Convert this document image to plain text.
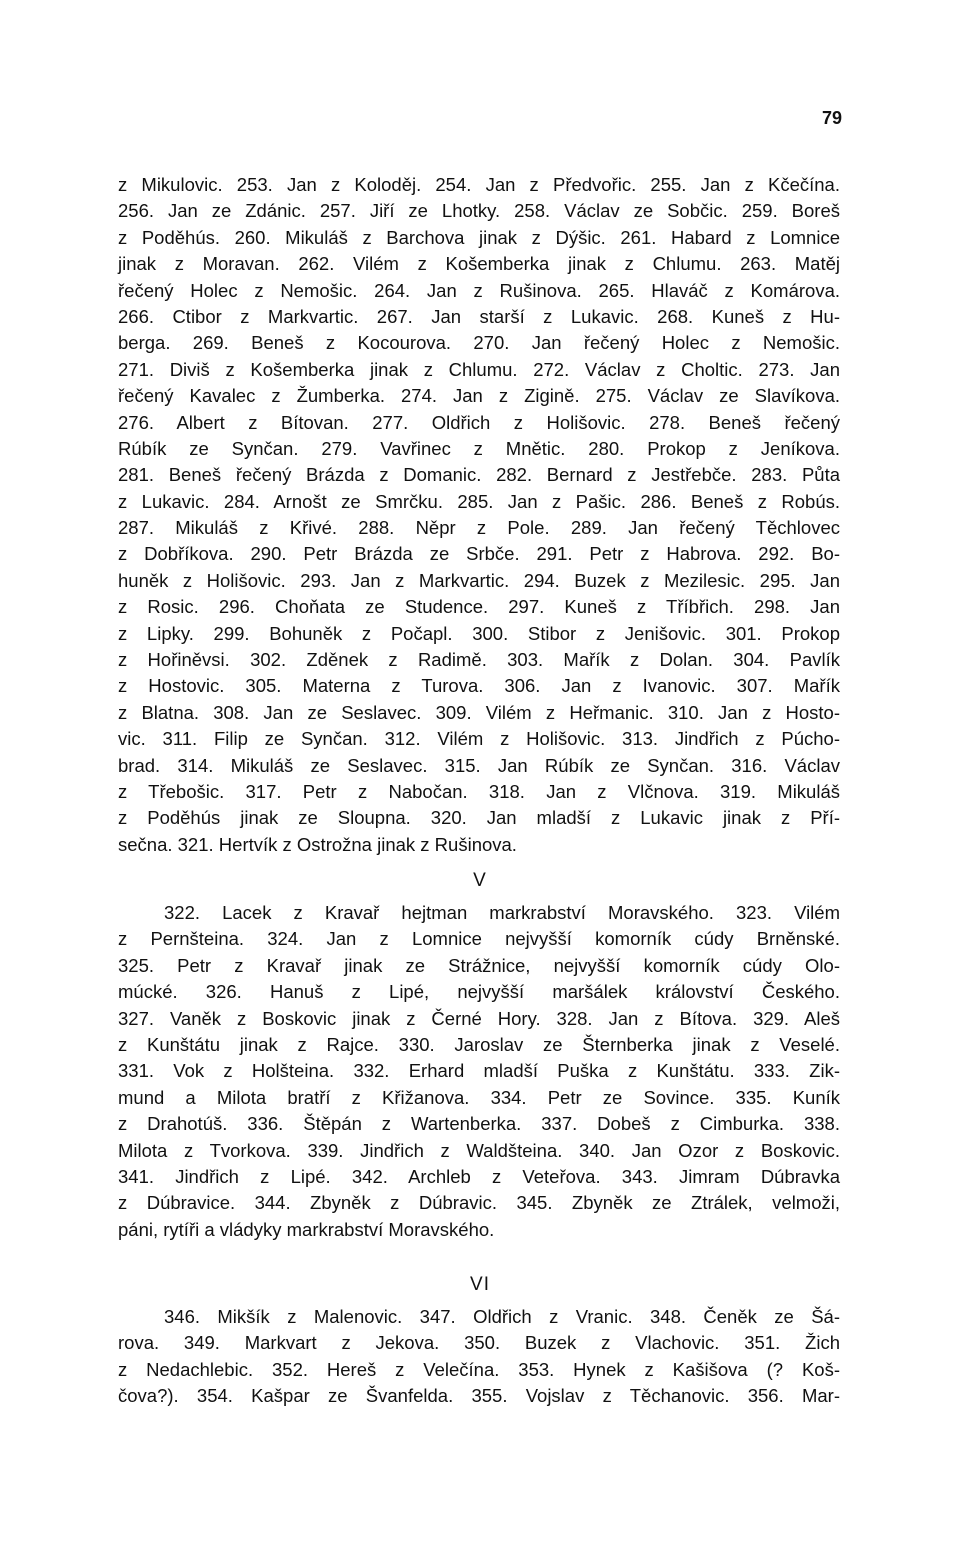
79
z Mikulovic. 253. Jan z Koloděj. 254. Jan z Předvořic. 255. Jan z Kčečína.
256. Jan ze Zdánic. 257. Jiří ze Lhotky. 258. Václav ze Sobčic. 259. Boreš
z Poděhús. 260. Mikuláš z Barchova jinak z Dýšic. 261. Habard z Lomnice
jinak z Moravan. 262. Vilém z Košemberka jinak z Chlumu. 263. Matěj
řečený Holec z Nemošic. 264. Jan z Rušinova. 265. Hlaváč z Komárova.
266. Ctibor z Markvartic. 267. Jan starší z Lukavic. 268. Kuneš z Hu-
berga. 269. Beneš z Kocourova. 270. Jan řečený Holec z Nemošic.
271. Diviš z Košemberka jinak z Chlumu. 272. Václav z Choltic. 273. Jan
řečený Kavalec z Žumberka. 274. Jan z Zigině. 275. Václav ze Slavíkova.
276. Albert z Bítovan. 277. Oldřich z Holišovic. 278. Beneš řečený
Rúbík ze Synčan. 279. Vavřinec z Mnětic. 280. Prokop z Jeníkova.
281. Beneš řečený Brázda z Domanic. 282. Bernard z Jestřebče. 283. Půta
z Lukavic. 284. Arnošt ze Smrčku. 285. Jan z Pašic. 286. Beneš z Robús.
287. Mikuláš z Křivé. 288. Něpr z Pole. 289. Jan řečený Těchlovec
z Dobříkova. 290. Petr Brázda ze Srbče. 291. Petr z Habrova. 292. Bo-
huněk z Holišovic. 293. Jan z Markvartic. 294. Buzek z Mezilesic. 295. Jan
z Rosic. 296. Choňata ze Studence. 297. Kuneš z Tříbřich. 298. Jan
z Lipky. 299. Bohuněk z Počapl. 300. Stibor z Jenišovic. 301. Prokop
z Hořiněvsi. 302. Zděnek z Radimě. 303. Mařík z Dolan. 304. Pavlík
z Hostovic. 305. Materna z Turova. 306. Jan z Ivanovic. 307. Mařík
z Blatna. 308. Jan ze Seslavec. 309. Vilém z Heřmanic. 310. Jan z Hosto-
vic. 311. Filip ze Synčan. 312. Vilém z Holišovic. 313. Jindřich z Púcho-
brad. 314. Mikuláš ze Seslavec. 315. Jan Rúbík ze Synčan. 316. Václav
z Třebošic. 317. Petr z Nabočan. 318. Jan z Vlčnova. 319. Mikuláš
z Poděhús jinak ze Sloupna. 320. Jan mladší z Lukavic jinak z Pří-
sečna. 321. Hertvík z Ostrožna jinak z Rušinova.
V
322. Lacek z Kravař hejtman markrabství Moravského. 323. Vilém
z Pernšteina. 324. Jan z Lomnice nejvyšší komorník cúdy Brněnské.
325. Petr z Kravař jinak ze Strážnice, nejvyšší komorník cúdy Olo-
múcké. 326. Hanuš z Lipé, nejvyšší maršálek království Českého.
327. Vaněk z Boskovic jinak z Černé Hory. 328. Jan z Bítova. 329. Aleš
z Kunštátu jinak z Rajce. 330. Jaroslav ze Šternberka jinak z Veselé.
331. Vok z Holšteina. 332. Erhard mladší Puška z Kunštátu. 333. Zik-
mund a Milota bratří z Křižanova. 334. Petr ze Sovince. 335. Kuník
z Drahotúš. 336. Štěpán z Wartenberka. 337. Dobeš z Cimburka. 338.
Milota z Tvorkova. 339. Jindřich z Waldšteina. 340. Jan Ozor z Boskovic.
341. Jindřich z Lipé. 342. Archleb z Veteřova. 343. Jimram Dúbravka
z Dúbravice. 344. Zbyněk z Dúbravic. 345. Zbyněk ze Ztrálek, velmoži,
páni, rytíři a vládyky markrabství Moravského.
VI
346. Mikšík z Malenovic. 347. Oldřich z Vranic. 348. Čeněk ze Šá-
rova. 349. Markvart z Jekova. 350. Buzek z Vlachovic. 351. Žich
z Nedachlebic. 352. Hereš z Velečína. 353. Hynek z Kašišova (? Koš-
čova?). 354. Kašpar ze Švanfelda. 355. Vojslav z Těchanovic. 356. Mar-
